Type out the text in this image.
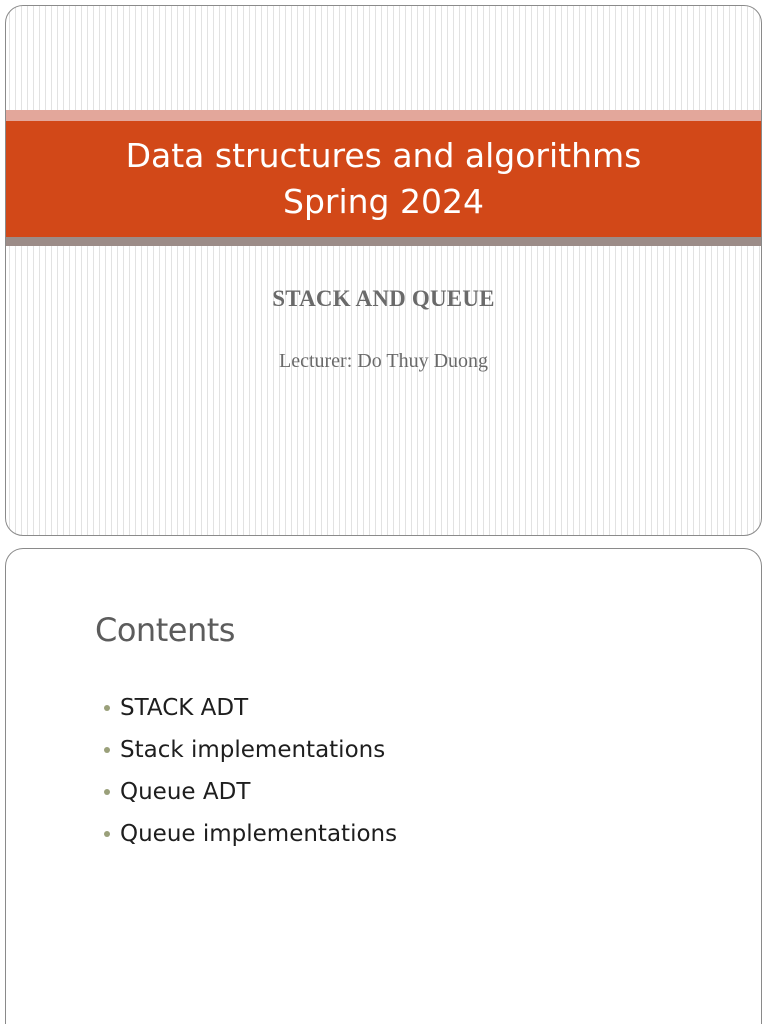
Data structures and algorithms
Spring 2024
STACK AND QUEUE
Lecturer: Do Thuy Duong
Contents
STACK ADT
Stack implementations
Queue ADT
Queue implementations
